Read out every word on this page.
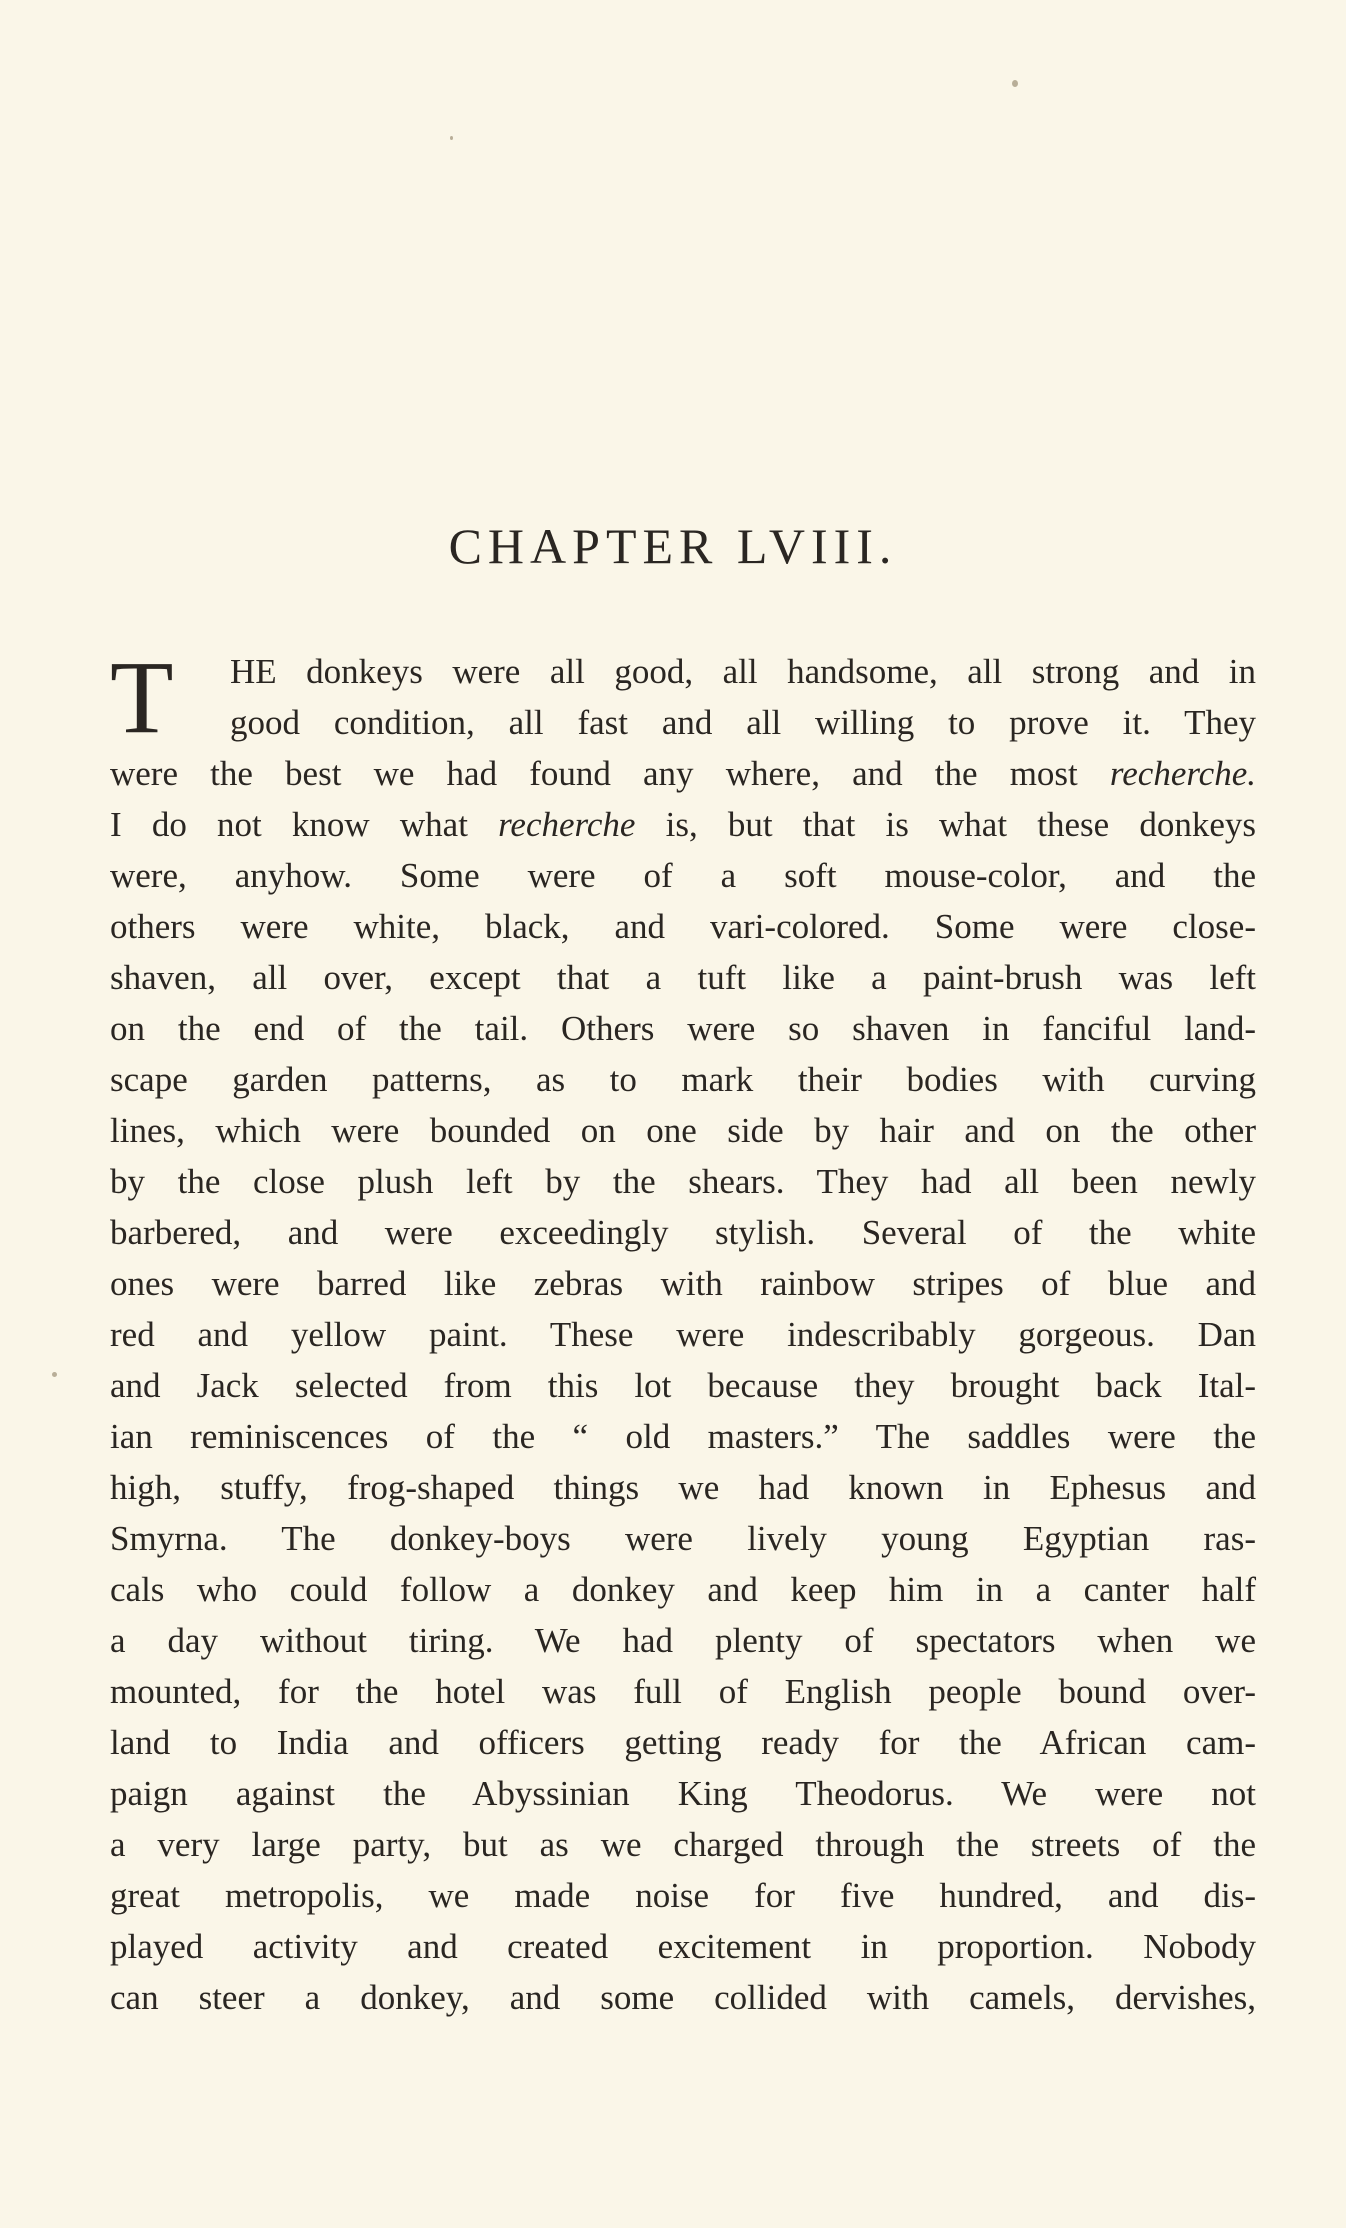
CHAPTER LVIII.
T HE donkeys were all good, all handsome, all strong and in
good condition, all fast and all willing to prove it. They
were the best we had found any where, and the most recherche.
I do not know what recherche is, but that is what these donkeys
were, anyhow. Some were of a soft mouse-color, and the
others were white, black, and vari-colored. Some were close-
shaven, all over, except that a tuft like a paint-brush was left
on the end of the tail. Others were so shaven in fanciful land-
scape garden patterns, as to mark their bodies with curving
lines, which were bounded on one side by hair and on the other
by the close plush left by the shears. They had all been newly
barbered, and were exceedingly stylish. Several of the white
ones were barred like zebras with rainbow stripes of blue and
red and yellow paint. These were indescribably gorgeous. Dan
and Jack selected from this lot because they brought back Ital-
ian reminiscences of the “ old masters.” The saddles were the
high, stuffy, frog-shaped things we had known in Ephesus and
Smyrna. The donkey-boys were lively young Egyptian ras-
cals who could follow a donkey and keep him in a canter half
a day without tiring. We had plenty of spectators when we
mounted, for the hotel was full of English people bound over-
land to India and officers getting ready for the African cam-
paign against the Abyssinian King Theodorus. We were not
a very large party, but as we charged through the streets of the
great metropolis, we made noise for five hundred, and dis-
played activity and created excitement in proportion. Nobody
can steer a donkey, and some collided with camels, dervishes,
